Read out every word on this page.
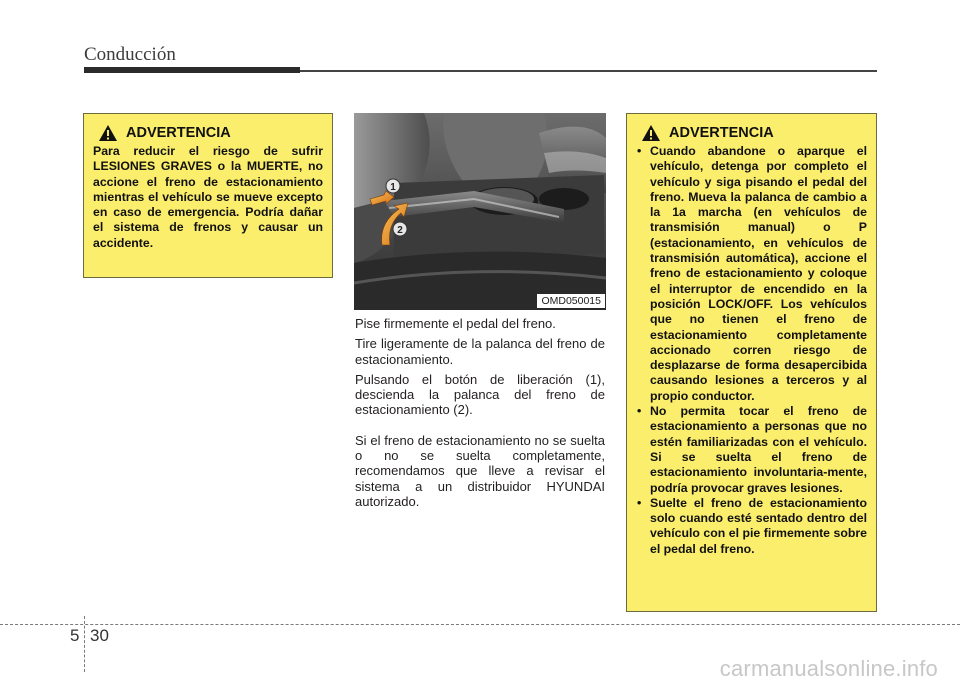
Conducción
ADVERTENCIA
Para reducir el riesgo de sufrir LESIONES GRAVES o la MUERTE, no accione el freno de estacionamiento mientras el vehículo se mueve excepto en caso de emergencia. Podría dañar el sistema de frenos y causar un accidente.
1
2
OMD050015

Pise firmemente el pedal del freno.

Tire ligeramente de la palanca del freno de estacionamiento.

Pulsando el botón de liberación (1), descienda la palanca del freno de estacionamiento (2).

Si el freno de estacionamiento no se suelta o no se suelta completamente, recomendamos que lleve a revisar el sistema a un distribuidor HYUNDAI autorizado.

ADVERTENCIA
• Cuando abandone o aparque el vehículo, detenga por completo el vehículo y siga pisando el pedal del freno. Mueva la palanca de cambio a la 1a marcha (en vehículos de transmisión manual) o P (estacionamiento, en vehículos de transmisión automática), accione el freno de estacionamiento y coloque el interruptor de encendido en la posición LOCK/OFF. Los vehículos que no tienen el freno de estacionamiento completamente accionado corren riesgo de desplazarse de forma desapercibida causando lesiones a terceros y al propio conductor.
• No permita tocar el freno de estacionamiento a personas que no estén familiarizadas con el vehículo. Si se suelta el freno de estacionamiento involuntaria-mente, podría provocar graves lesiones.
• Suelte el freno de estacionamiento solo cuando esté sentado dentro del vehículo con el pie firmemente sobre el pedal del freno.
5 30
carmanualsonline.info
